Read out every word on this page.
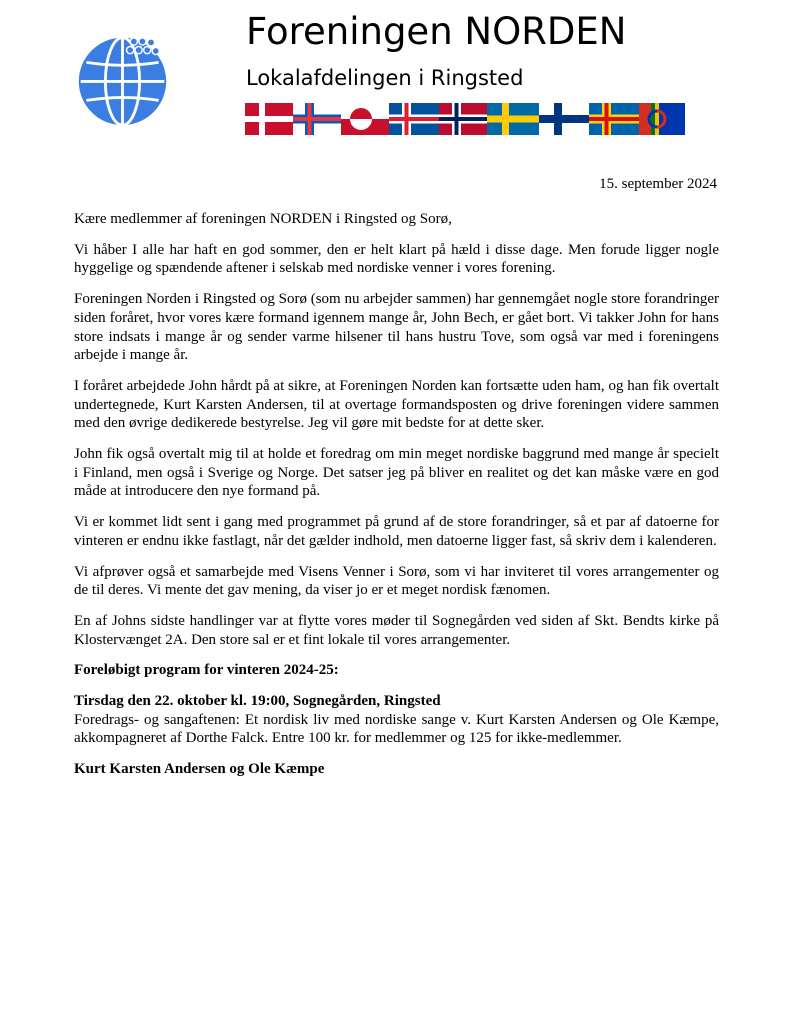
Foreningen NORDEN
Lokalafdelingen i Ringsted
15. september 2024

Kære medlemmer af foreningen NORDEN i Ringsted og Sorø,

Vi håber I alle har haft en god sommer, den er helt klart på hæld i disse dage. Men forude ligger nogle hyggelige og spændende aftener i selskab med nordiske venner i vores forening.

Foreningen Norden i Ringsted og Sorø (som nu arbejder sammen) har gennemgået nogle store forandringer siden foråret, hvor vores kære formand igennem mange år, John Bech, er gået bort. Vi takker John for hans store indsats i mange år og sender varme hilsener til hans hustru Tove, som også var med i foreningens arbejde i mange år.

I foråret arbejdede John hårdt på at sikre, at Foreningen Norden kan fortsætte uden ham, og han fik overtalt undertegnede, Kurt Karsten Andersen, til at overtage formandsposten og drive foreningen videre sammen med den øvrige dedikerede bestyrelse. Jeg vil gøre mit bedste for at dette sker.

John fik også overtalt mig til at holde et foredrag om min meget nordiske baggrund med mange år specielt i Finland, men også i Sverige og Norge. Det satser jeg på bliver en realitet og det kan måske være en god måde at introducere den nye formand på.

Vi er kommet lidt sent i gang med programmet på grund af de store forandringer, så et par af datoerne for vinteren er endnu ikke fastlagt, når det gælder indhold, men datoerne ligger fast, så skriv dem i kalenderen.

Vi afprøver også et samarbejde med Visens Venner i Sorø, som vi har inviteret til vores arrangementer og de til deres. Vi mente det gav mening, da viser jo er et meget nordisk fænomen.

En af Johns sidste handlinger var at flytte vores møder til Sognegården ved siden af Skt. Bendts kirke på Klostervænget 2A. Den store sal er et fint lokale til vores arrangementer.

Foreløbigt program for vinteren 2024-25:

Tirsdag den 22. oktober kl. 19:00, Sognegården, Ringsted
Foredrags- og sangaftenen: Et nordisk liv med nordiske sange v. Kurt Karsten Andersen og Ole Kæmpe, akkompagneret af Dorthe Falck. Entre 100 kr. for medlemmer og 125 for ikke-medlemmer.

Kurt Karsten Andersen og Ole Kæmpe
